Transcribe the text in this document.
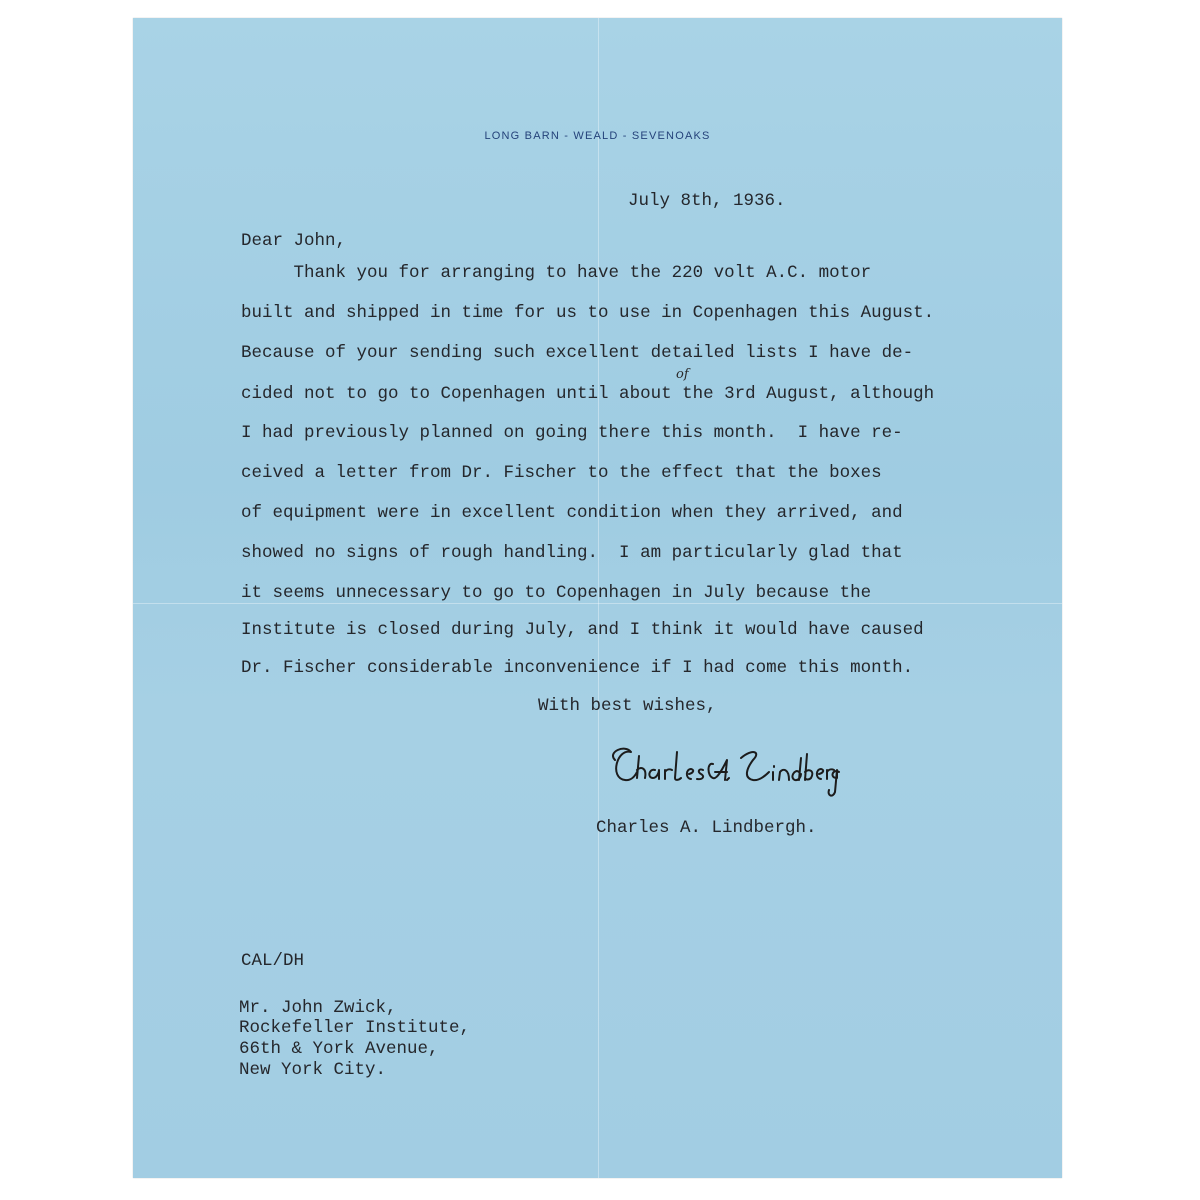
LONG BARN - WEALD - SEVENOAKS
July 8th, 1936.
Dear John,
Thank you for arranging to have the 220 volt A.C. motor
built and shipped in time for us to use in Copenhagen this August.
Because of your sending such excellent detailed lists I have de-
cided not to go to Copenhagen until about the 3rd August, although
of
I had previously planned on going there this month.  I have re-
ceived a letter from Dr. Fischer to the effect that the boxes
of equipment were in excellent condition when they arrived, and
showed no signs of rough handling.  I am particularly glad that
it seems unnecessary to go to Copenhagen in July because the
Institute is closed during July, and I think it would have caused
Dr. Fischer considerable inconvenience if I had come this month.
With best wishes,
Charles A. Lindbergh.
CAL/DH
Mr. John Zwick,
Rockefeller Institute,
66th & York Avenue,
New York City.
